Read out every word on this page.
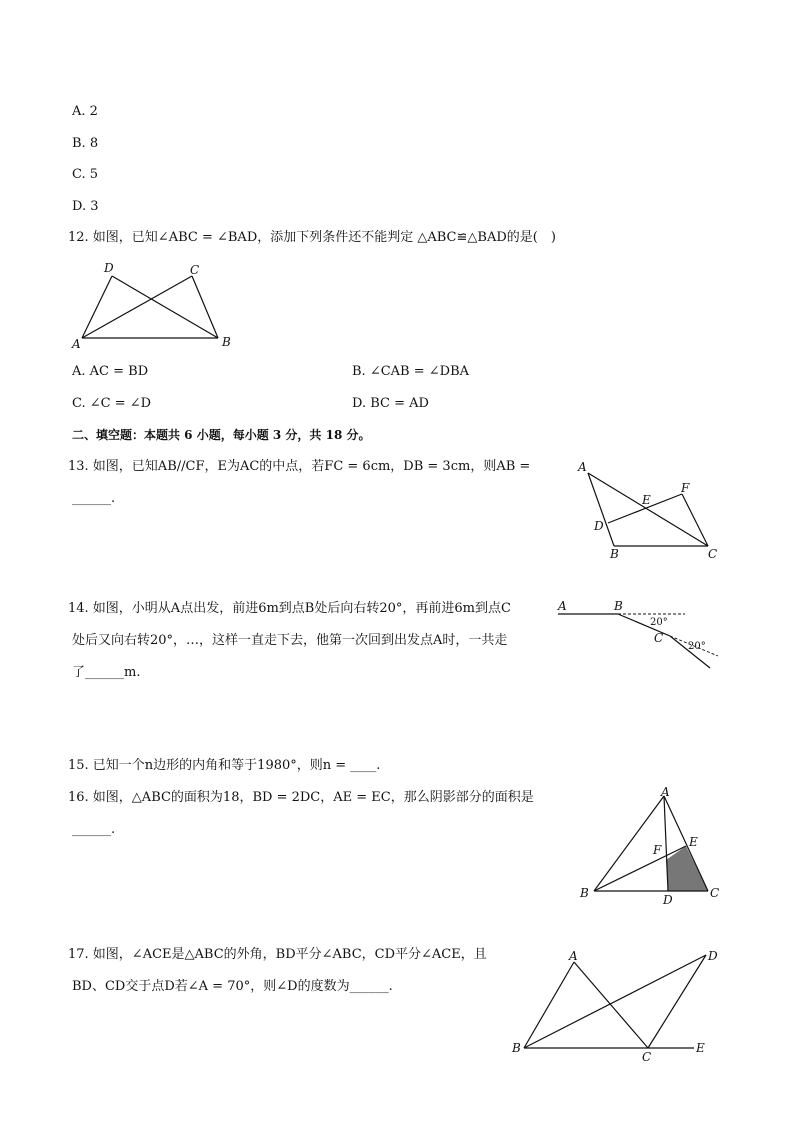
A. 2
B. 8
C. 5
D. 3
12. 如图，已知∠ABC = ∠BAD，添加下列条件还不能判定 △ABC≌△BAD的是(　)
D	C
A	B
A. AC = BD	B. ∠CAB = ∠DBA
C. ∠C = ∠D	D. BC = AD
二、填空题：本题共 6 小题，每小题 3 分，共 18 分。
13. 如图，已知AB//CF，E为AC的中点，若FC = 6cm，DB = 3cm，则AB =
______.
A
E
F
D
B	C
14. 如图，小明从A点出发，前进6m到点B处后向右转20°，再前进6m到点C
处后又向右转20°，…，这样一直走下去，他第一次回到出发点A时，一共走
了______m.
A	B
C
20°
20°
15. 已知一个n边形的内角和等于1980°，则n = ____.
16. 如图，△ABC的面积为18，BD = 2DC，AE = EC，那么阴影部分的面积是
______.
A
E
F
B	D	C
17. 如图，∠ACE是△ABC的外角，BD平分∠ABC，CD平分∠ACE，且
BD、CD交于点D若∠A = 70°，则∠D的度数为______.
A	D
B
C
E
